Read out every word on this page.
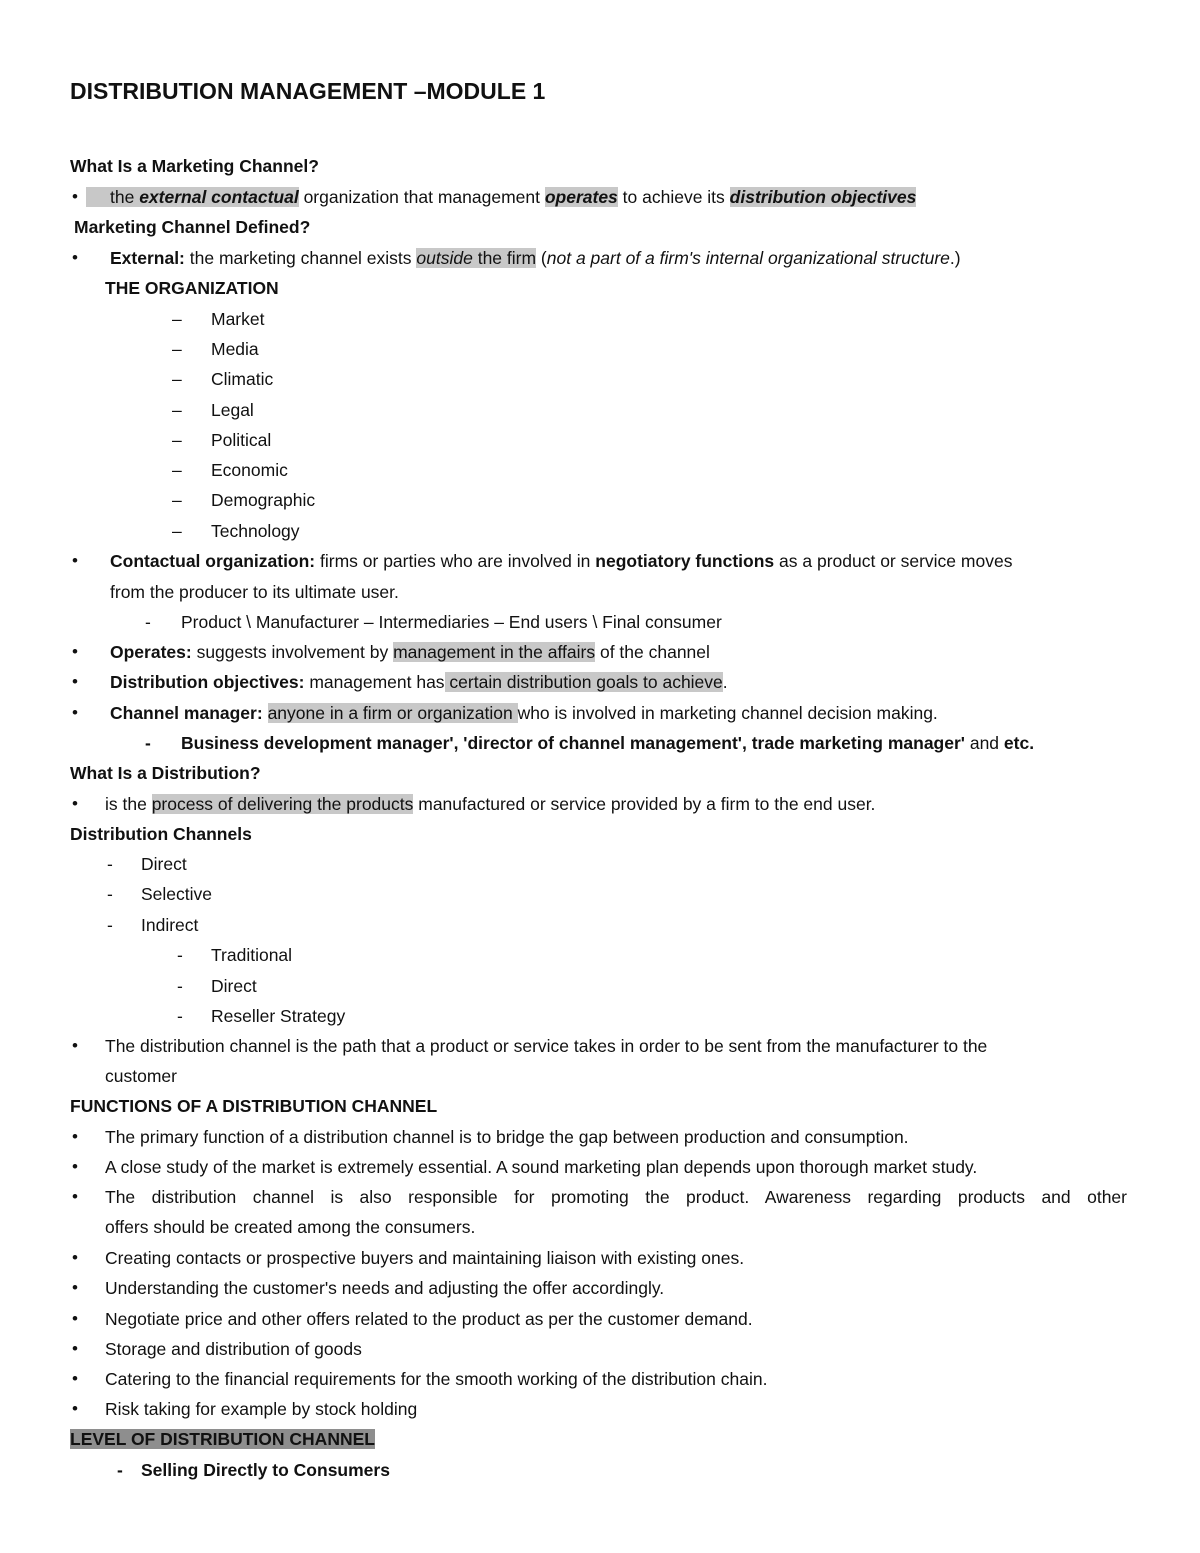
DISTRIBUTION MANAGEMENT –MODULE 1
What Is a Marketing Channel?
•	the external contactual organization that management operates to achieve its distribution objectives
Marketing Channel Defined?
• External: the marketing channel exists outside the firm (not a part of a firm's internal organizational structure.)
THE ORGANIZATION
– Market
– Media
– Climatic
– Legal
– Political
– Economic
– Demographic
– Technology
• Contactual organization: firms or parties who are involved in negotiatory functions as a product or service moves
from the producer to its ultimate user.
- Product \ Manufacturer – Intermediaries – End users \ Final consumer
• Operates: suggests involvement by management in the affairs of the channel
• Distribution objectives: management has certain distribution goals to achieve.
• Channel manager: anyone in a firm or organization who is involved in marketing channel decision making.
- Business development manager', 'director of channel management', trade marketing manager' and etc.
What Is a Distribution?
• is the process of delivering the products manufactured or service provided by a firm to the end user.
Distribution Channels
- Direct
- Selective
- Indirect
- Traditional
- Direct
- Reseller Strategy
• The distribution channel is the path that a product or service takes in order to be sent from the manufacturer to the
customer
FUNCTIONS OF A DISTRIBUTION CHANNEL
• The primary function of a distribution channel is to bridge the gap between production and consumption.
• A close study of the market is extremely essential. A sound marketing plan depends upon thorough market study.
• The distribution channel is also responsible for promoting the product. Awareness regarding products and other
offers should be created among the consumers.
• Creating contacts or prospective buyers and maintaining liaison with existing ones.
• Understanding the customer's needs and adjusting the offer accordingly.
• Negotiate price and other offers related to the product as per the customer demand.
• Storage and distribution of goods
• Catering to the financial requirements for the smooth working of the distribution chain.
• Risk taking for example by stock holding
LEVEL OF DISTRIBUTION CHANNEL
- Selling Directly to Consumers
